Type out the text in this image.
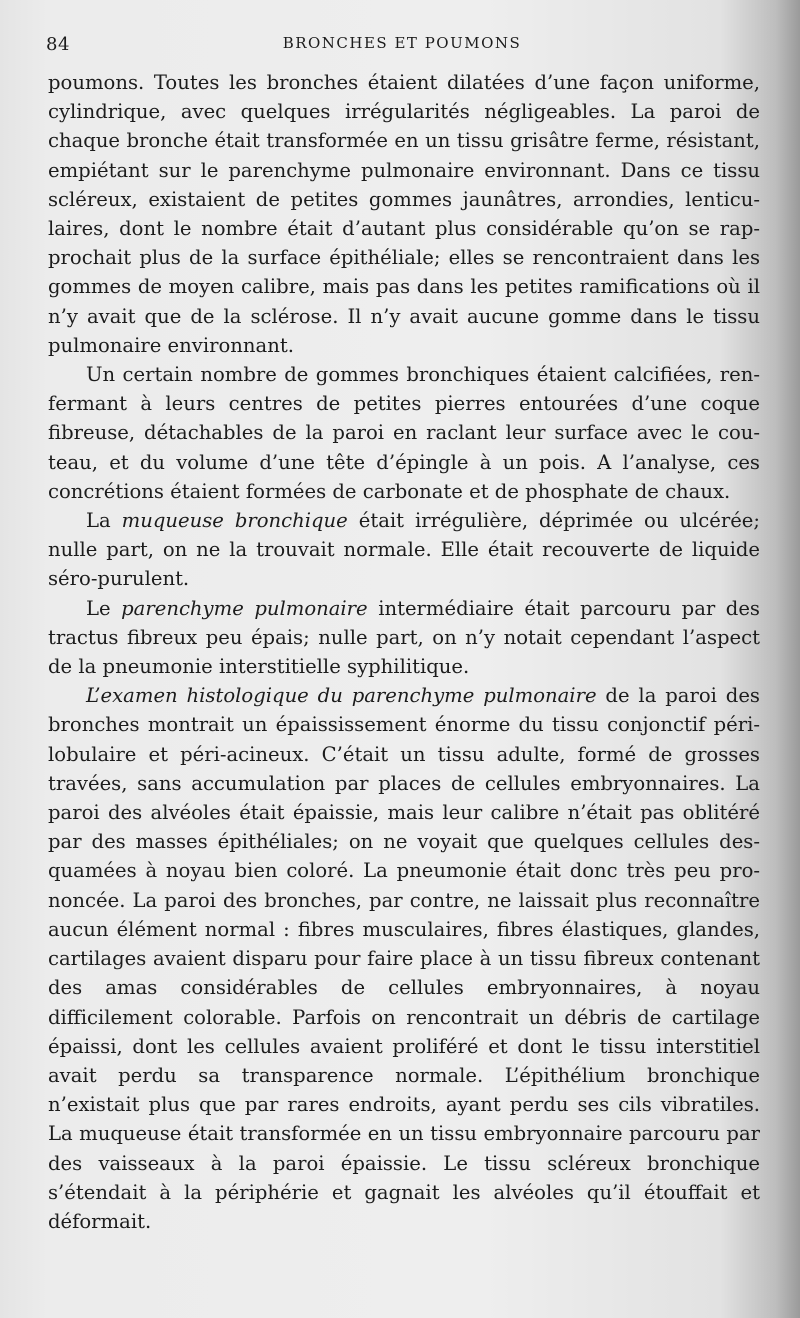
84	BRONCHES ET POUMONS

poumons. Toutes les bronches étaient dilatées d’une façon uniforme, cylindrique, avec quelques irrégularités négligeables. La paroi de chaque bronche était transformée en un tissu grisâtre ferme, résistant, empiétant sur le parenchyme pulmonaire environnant. Dans ce tissu scléreux, existaient de petites gommes jaunâtres, arrondies, lenticulaires, dont le nombre était d’autant plus considérable qu’on se rapprochait plus de la surface épithéliale; elles se rencontraient dans les gommes de moyen calibre, mais pas dans les petites ramifications où il n’y avait que de la sclérose. Il n’y avait aucune gomme dans le tissu pulmonaire environnant.

Un certain nombre de gommes bronchiques étaient calcifiées, renfermant à leurs centres de petites pierres entourées d’une coque fibreuse, détachables de la paroi en raclant leur surface avec le couteau, et du volume d’une tête d’épingle à un pois. A l’analyse, ces concrétions étaient formées de carbonate et de phosphate de chaux.

La muqueuse bronchique était irrégulière, déprimée ou ulcérée; nulle part, on ne la trouvait normale. Elle était recouverte de liquide séro-purulent.

Le parenchyme pulmonaire intermédiaire était parcouru par des tractus fibreux peu épais; nulle part, on n’y notait cependant l’aspect de la pneumonie interstitielle syphilitique.

L’examen histologique du parenchyme pulmonaire de la paroi des bronches montrait un épaississement énorme du tissu conjonctif péri-lobulaire et péri-acineux. C’était un tissu adulte, formé de grosses travées, sans accumulation par places de cellules embryonnaires. La paroi des alvéoles était épaissie, mais leur calibre n’était pas oblitéré par des masses épithéliales; on ne voyait que quelques cellules desquamées à noyau bien coloré. La pneumonie était donc très peu prononcée. La paroi des bronches, par contre, ne laissait plus reconnaître aucun élément normal : fibres musculaires, fibres élastiques, glandes, cartilages avaient disparu pour faire place à un tissu fibreux contenant des amas considérables de cellules embryonnaires, à noyau difficilement colorable. Parfois on rencontrait un débris de cartilage épaissi, dont les cellules avaient proliféré et dont le tissu interstitiel avait perdu sa transparence normale. L’épithélium bronchique n’existait plus que par rares endroits, ayant perdu ses cils vibratiles. La muqueuse était transformée en un tissu embryonnaire parcouru par des vaisseaux à la paroi épaissie. Le tissu scléreux bronchique s’étendait à la périphérie et gagnait les alvéoles qu’il étouffait et déformait.
